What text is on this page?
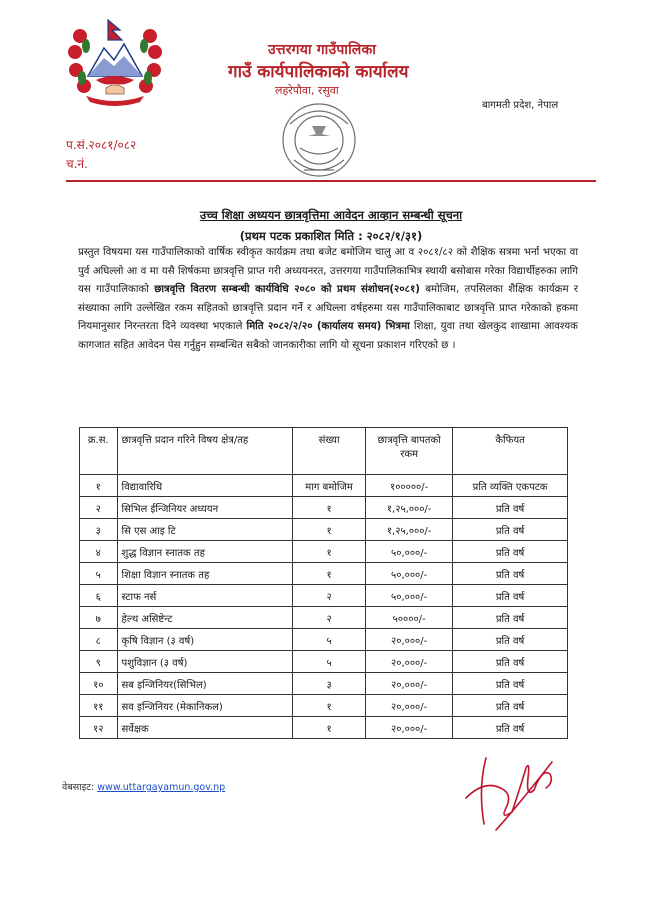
उत्तरगया गाउँपालिका
गाउँ कार्यपालिकाको कार्यालय
लहरेपौवा, रसुवा
बागमती प्रदेश, नेपाल
प.सं.२०८१/०८२
च.नं.
उच्च शिक्षा अध्ययन छात्रवृत्तिमा आवेदन आव्हान सम्बन्धी सूचना
(प्रथम पटक प्रकाशित मिति : २०८२/१/३१)
प्रस्तुत विषयमा यस गाउँपालिकाको वार्षिक स्वीकृत कार्यक्रम तथा बजेट बमोजिम चालु आ व २०८१/८२ को शैक्षिक सत्रमा भर्ना भएका वा पुर्व अघिल्लो आ व मा यसै शिर्षकमा छात्रवृत्ति प्राप्त गरी अध्ययनरत, उत्तरगया गाउँपालिकाभित्र स्थायी बसोबास गरेका विद्यार्थीहरुका लागि यस गाउँपालिकाको छात्रवृत्ति वितरण सम्बन्धी कार्यविधि २०८० को प्रथम संशोधन(२०८१) बमोजिम, तपसिलका शैक्षिक कार्यक्रम र संख्याका लागि उल्लेखित रकम सहितको छात्रवृत्ति प्रदान गर्ने र अघिल्ला वर्षहरुमा यस गाउँपालिकाबाट छात्रवृत्ति प्राप्त गरेकाको हकमा नियमानुसार निरन्तरता दिने व्यवस्था भएकाले मिति २०८२/२/२० (कार्यालय समय) भित्रमा शिक्षा, युवा तथा खेलकुद शाखामा आवश्यक कागजात सहित आवेदन पेस गर्नुहुन सम्बन्धित सबैको जानकारीका लागि यो सूचना प्रकाशन गरिएको छ ।
क्र.स.	छात्रवृत्ति प्रदान गरिने विषय क्षेत्र/तह	संख्या	छात्रवृत्ति बापतको रकम	कैफियत
१	विद्यावारिधि	माग बमोजिम	१०००००/-	प्रति व्यक्ति एकपटक
२	सिभिल ईन्जिनियर अध्ययन	१	१,२५,०००/-	प्रति वर्ष
३	सि एस आइ टि	१	१,२५,०००/-	प्रति वर्ष
४	शुद्ध विज्ञान स्नातक तह	१	५०,०००/-	प्रति वर्ष
५	शिक्षा विज्ञान स्नातक तह	१	५०,०००/-	प्रति वर्ष
६	स्टाफ नर्स	२	५०,०००/-	प्रति वर्ष
७	हेल्थ असिष्टेन्ट	२	५००००/-	प्रति वर्ष
८	कृषि विज्ञान (३ वर्ष)	५	२०,०००/-	प्रति वर्ष
९	पशुविज्ञान (३ वर्ष)	५	२०,०००/-	प्रति वर्ष
१०	सब इन्जिनियर(सिभिल)	३	२०,०००/-	प्रति वर्ष
११	सव इन्जिनियर (मेकानिकल)	१	२०,०००/-	प्रति वर्ष
१२	सर्वेक्षक	१	२०,०००/-	प्रति वर्ष
वेबसाइट: www.uttargayamun.gov.np
